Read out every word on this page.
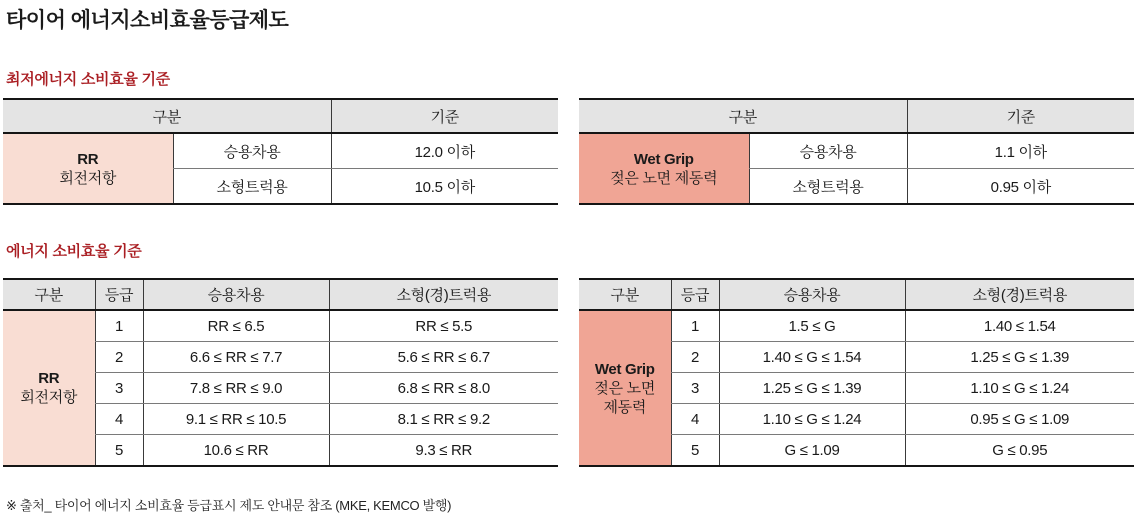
타이어 에너지소비효율등급제도
최저에너지 소비효율 기준
구분		기준

RR
회전저항	승용차용	12.0 이하
	소형트럭용	10.5 이하
구분		기준

Wet Grip
젖은 노면 제동력	승용차용	1.1 이하
	소형트럭용	0.95 이하
에너지 소비효율 기준
구분	등급	승용차용	소형(경)트럭용

RR
회전저항	1	RR ≤ 6.5	RR ≤ 5.5
	2	6.6 ≤ RR ≤ 7.7	5.6 ≤ RR ≤ 6.7
	3	7.8 ≤ RR ≤ 9.0	6.8 ≤ RR ≤ 8.0
	4	9.1 ≤ RR ≤ 10.5	8.1 ≤ RR ≤ 9.2
	5	10.6 ≤ RR	9.3 ≤ RR
구분	등급	승용차용	소형(경)트럭용

Wet Grip
젖은 노면
제동력	1	1.5 ≤ G	1.40 ≤ 1.54
	2	1.40 ≤ G ≤ 1.54	1.25 ≤ G ≤ 1.39
	3	1.25 ≤ G ≤ 1.39	1.10 ≤ G ≤ 1.24
	4	1.10 ≤ G ≤ 1.24	0.95 ≤ G ≤ 1.09
	5	G ≤ 1.09	G ≤ 0.95

※ 출처_ 타이어 에너지 소비효율 등급표시 제도 안내문 참조 (MKE, KEMCO 발행)
